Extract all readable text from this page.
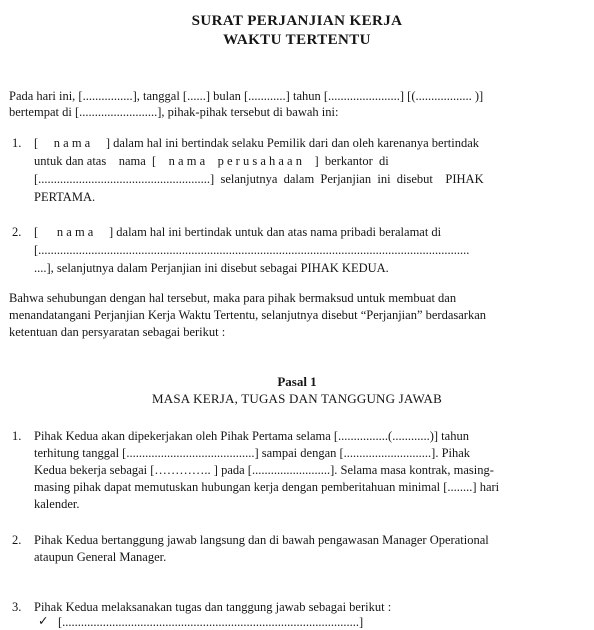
SURAT PERJANJIAN KERJA
WAKTU TERTENTU
Pada hari ini, [................], tanggal [......] bulan [............] tahun [.......................] [(.................. )]
bertempat di [.........................], pihak-pihak tersebut di bawah ini:
1. [     n a m a     ] dalam hal ini bertindak selaku Pemilik dari dan oleh karenanya bertindak
untuk dan atas    nama  [    n a m a    p e r u s a h a a n    ]  berkantor  di
[.......................................................]  selanjutnya  dalam  Perjanjian  ini  disebut    PIHAK
PERTAMA.
2. [      n a m a     ] dalam hal ini bertindak untuk dan atas nama pribadi beralamat di
[..........................................................................................................................................
....], selanjutnya dalam Perjanjian ini disebut sebagai PIHAK KEDUA.
Bahwa sehubungan dengan hal tersebut, maka para pihak bermaksud untuk membuat dan
menandatangani Perjanjian Kerja Waktu Tertentu, selanjutnya disebut “Perjanjian” berdasarkan
ketentuan dan persyaratan sebagai berikut :
Pasal 1
MASA KERJA, TUGAS DAN TANGGUNG JAWAB
1. Pihak Kedua akan dipekerjakan oleh Pihak Pertama selama [................(............)] tahun
terhitung tanggal [.........................................] sampai dengan [............................]. Pihak
Kedua bekerja sebagai [………….. ] pada [.........................]. Selama masa kontrak, masing-
masing pihak dapat memutuskan hubungan kerja dengan pemberitahuan minimal [........] hari
kalender.
2. Pihak Kedua bertanggung jawab langsung dan di bawah pengawasan Manager Operational
ataupun General Manager.
3. Pihak Kedua melaksanakan tugas dan tanggung jawab sebagai berikut :
✓ [...............................................................................................]
